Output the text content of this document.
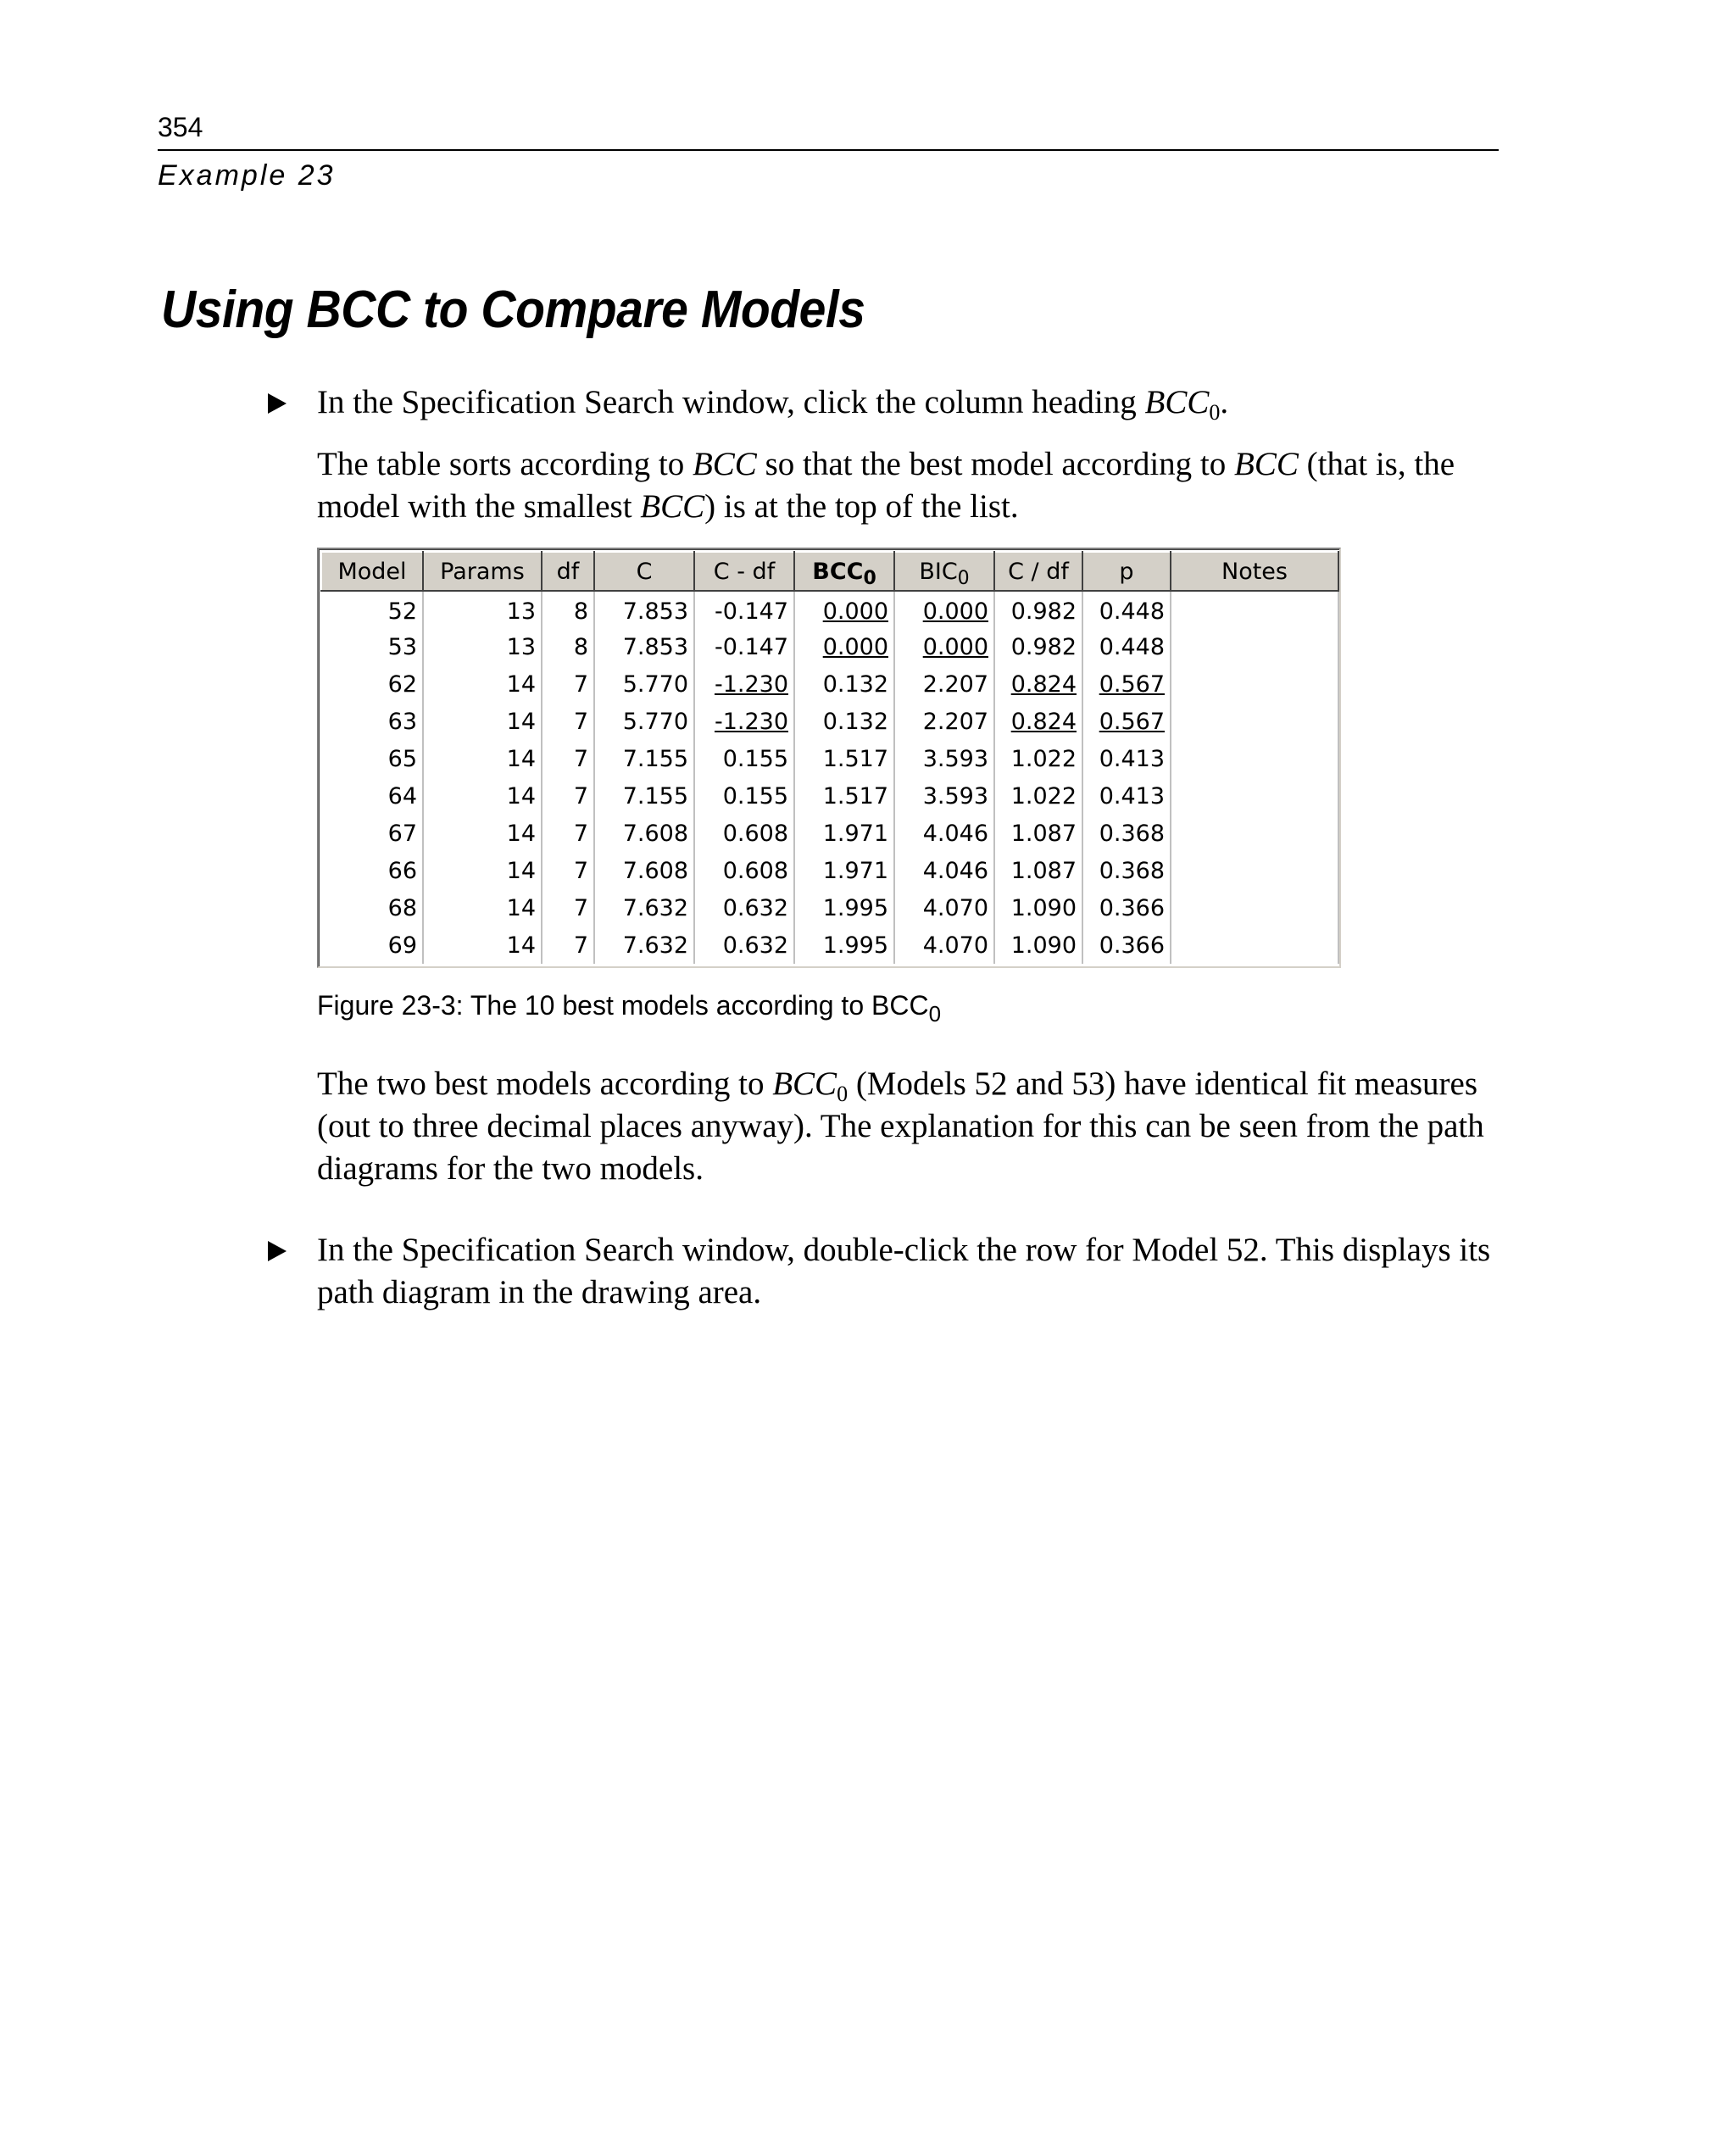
354
Example 23
Using BCC to Compare Models
In the Specification Search window, click the column heading $BCC_0$.
The table sorts according to BCC so that the best model according to BCC (that is, the model with the smallest BCC) is at the top of the list.
Model	Params	df	C	C - df	$BCC_0$	$BIC_0$	C / df	p	Notes
52	13	8	7.853	-0.147	0.000	0.000	0.982	0.448	
53	13	8	7.853	-0.147	0.000	0.000	0.982	0.448	
62	14	7	5.770	-1.230	0.132	2.207	0.824	0.567	
63	14	7	5.770	-1.230	0.132	2.207	0.824	0.567	
65	14	7	7.155	0.155	1.517	3.593	1.022	0.413	
64	14	7	7.155	0.155	1.517	3.593	1.022	0.413	
67	14	7	7.608	0.608	1.971	4.046	1.087	0.368	
66	14	7	7.608	0.608	1.971	4.046	1.087	0.368	
68	14	7	7.632	0.632	1.995	4.070	1.090	0.366	
69	14	7	7.632	0.632	1.995	4.070	1.090	0.366	
Figure 23-3: The 10 best models according to $BCC_0$
The two best models according to $BCC_0$ (Models 52 and 53) have identical fit measures (out to three decimal places anyway). The explanation for this can be seen from the path diagrams for the two models.
In the Specification Search window, double-click the row for Model 52. This displays its path diagram in the drawing area.
